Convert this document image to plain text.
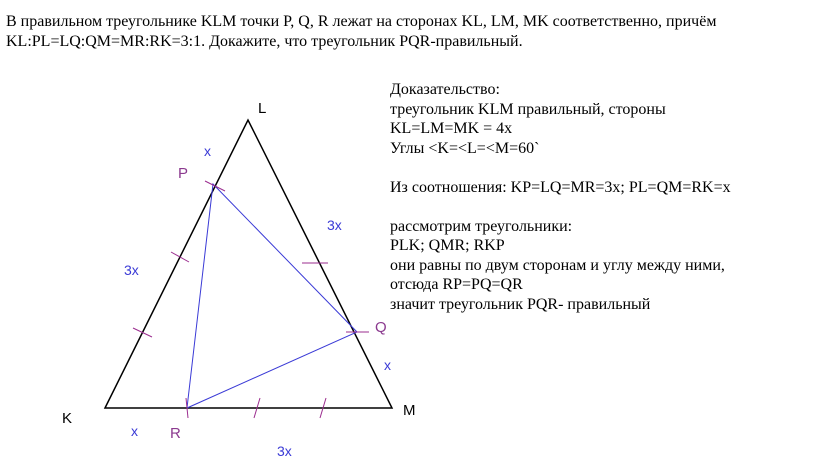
В правильном треугольнике KLM точки P, Q, R лежат на сторонах KL, LM, MK соответственно, причём
KL:PL=LQ:QM=MR:RK=3:1. Докажите, что треугольник PQR-правильный.
Доказательство:
треугольник KLM правильный, стороны
KL=LM=MK = 4x
Углы <K=<L=<M=60`
Из соотношения: KP=LQ=MR=3x; PL=QM=RK=x
рассмотрим треугольники:
PLK; QMR; RKP
они равны по двум сторонам и углу между ними,
отсюда RP=PQ=QR
значит треугольник PQR- правильный
L
K	M
P
Q
R
x
3x
3x
x
x
3x
